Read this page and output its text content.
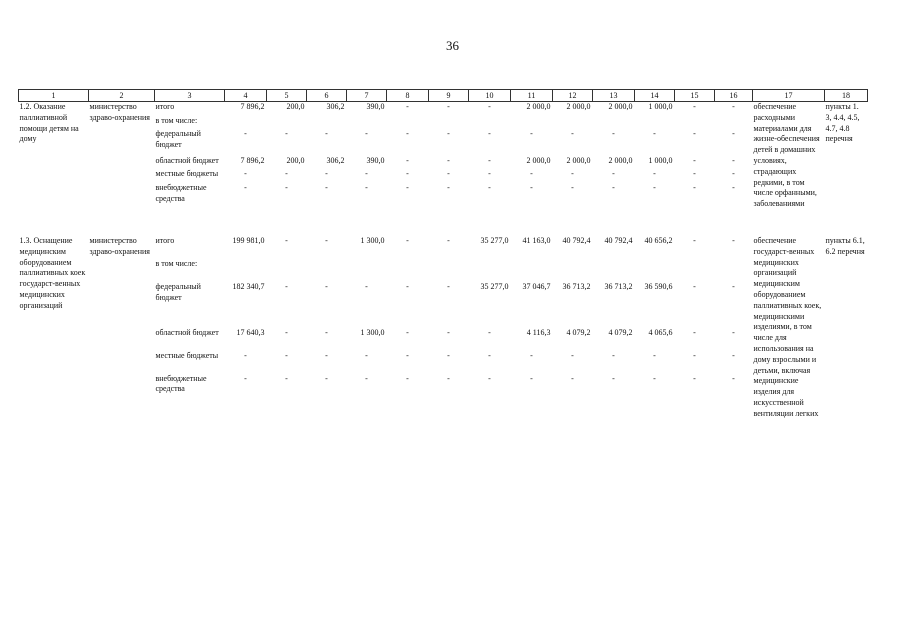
36
1	2	3	4	5	6	7	8	9	10	11	12	13	14	15	16	17	18
1.2. Оказание паллиативной помощи детям на дому	министерство здраво-охранения	итого	7 896,2	200,0	306,2	390,0	-	-	-	2 000,0	2 000,0	2 000,0	1 000,0	-	-	обеспечение расходными материалами для жизне-обеспечения детей в домашних условиях, страдающих редкими, в том числе орфанными, заболеваниями	пункты 1. 3, 4.4, 4.5, 4.7, 4.8 перечня
		в том числе:															
		федеральный бюджет	-	-	-	-	-	-	-	-	-	-	-	-	-		
		областной бюджет	7 896,2	200,0	306,2	390,0	-	-	-	2 000,0	2 000,0	2 000,0	1 000,0	-	-		
		местные бюджеты	-	-	-	-	-	-	-	-	-	-	-	-	-		
		внебюджетные средства	-	-	-	-	-	-	-	-	-	-	-	-	-		

1.3. Оснащение медицинским оборудованием паллиативных коек государст-венных медицинских организаций	министерство здраво-охранения	итого	199 981,0	-	-	1 300,0	-	-	35 277,0	41 163,0	40 792,4	40 792,4	40 656,2	-	-	обеспечение государст-венных медицинских организаций медицинским оборудованием паллиативных коек, медицинскими изделиями, в том числе для использования на дому взрослыми и детьми, включая медицинские изделия для искусственной вентиляции легких	пункты 6.1, 6.2 перечня
		в том числе:															
		федеральный бюджет	182 340,7	-	-	-	-	-	35 277,0	37 046,7	36 713,2	36 713,2	36 590,6	-	-		
		областной бюджет	17 640,3	-	-	1 300,0	-	-	-	4 116,3	4 079,2	4 079,2	4 065,6	-	-		
		местные бюджеты	-	-	-	-	-	-	-	-	-	-	-	-	-		
		внебюджетные средства	-	-	-	-	-	-	-	-	-	-	-	-	-		
